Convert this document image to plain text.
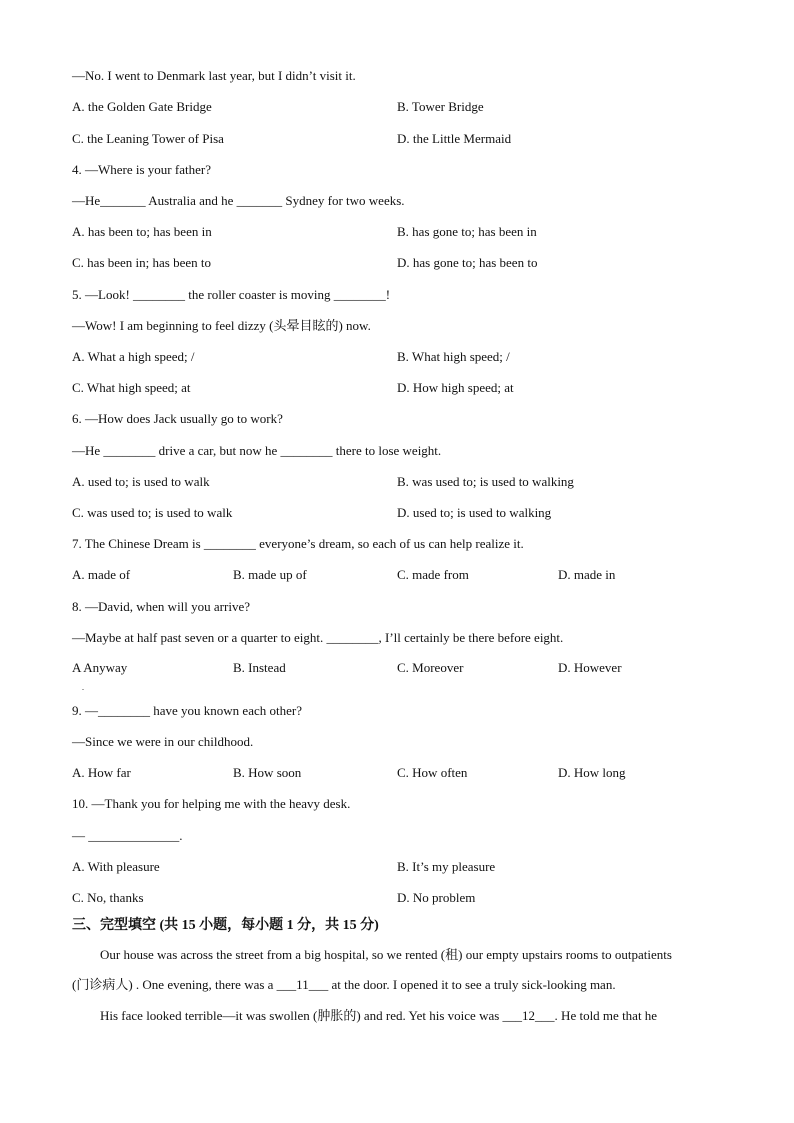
—No. I went to Denmark last year, but I didn’t visit it.
A. the Golden Gate Bridge	B. Tower Bridge
C. the Leaning Tower of Pisa	D. the Little Mermaid
4. —Where is your father?
—He_______ Australia and he _______ Sydney for two weeks.
A. has been to; has been in	B. has gone to; has been in
C. has been in; has been to	D. has gone to; has been to
5. —Look! ________ the roller coaster is moving ________!
—Wow! I am beginning to feel dizzy (头晕目眩的) now.
A. What a high speed; /	B. What high speed; /
C. What high speed; at	D. How high speed; at
6. —How does Jack usually go to work?
—He ________ drive a car, but now he ________ there to lose weight.
A. used to; is used to walk	B. was used to; is used to walking
C. was used to; is used to walk	D. used to; is used to walking
7. The Chinese Dream is ________ everyone’s dream, so each of us can help realize it.
A. made of	B. made up of	C. made from	D. made in
8. —David, when will you arrive?
—Maybe at half past seven or a quarter to eight. ________, I’ll certainly be there before eight.
A Anyway	B. Instead	C. Moreover	D. However
.
9. —________ have you known each other?
—Since we were in our childhood.
A. How far	B. How soon	C. How often	D. How long
10. —Thank you for helping me with the heavy desk.
— ______________.
A. With pleasure	B. It’s my pleasure
C. No, thanks	D. No problem
三、完型填空 (共 15 小题，每小题 1 分，共 15 分)
Our house was across the street from a big hospital, so we rented (租) our empty upstairs rooms to outpatients
(门诊病人) . One evening, there was a ___11___ at the door. I opened it to see a truly sick-looking man.
His face looked terrible—it was swollen (肿胀的) and red. Yet his voice was ___12___. He told me that he
